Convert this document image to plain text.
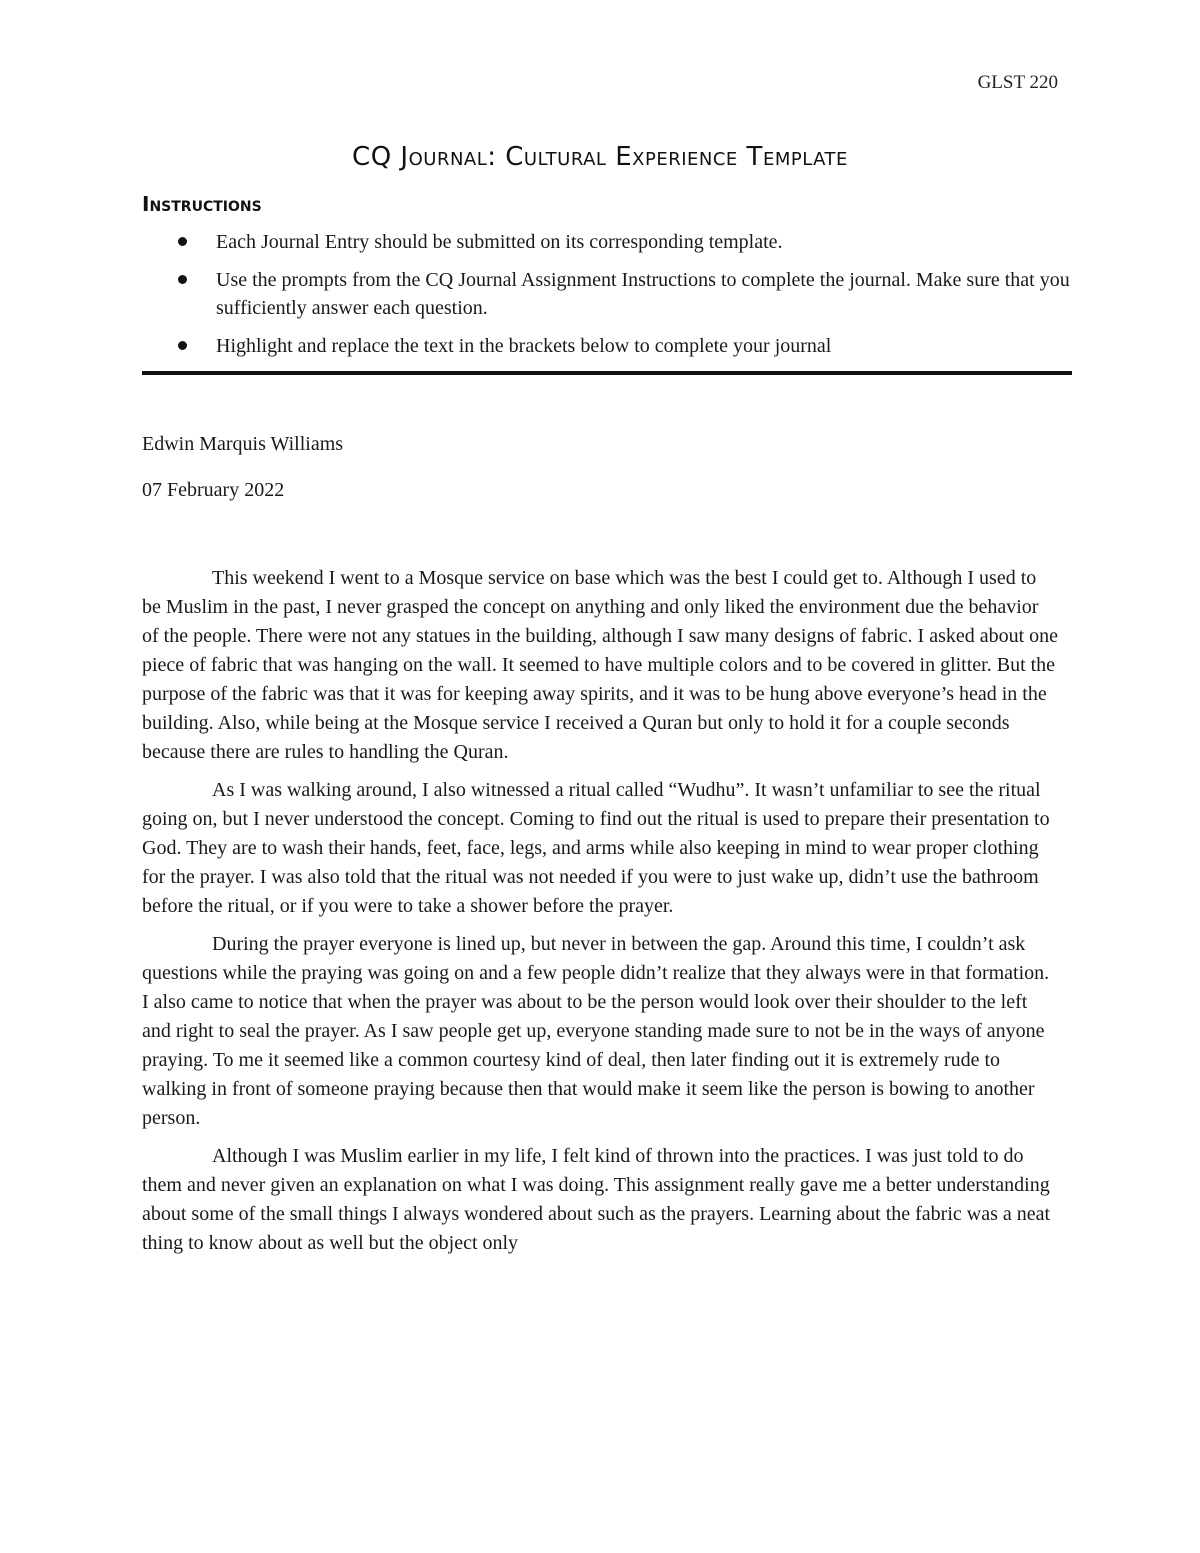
GLST 220
CQ Journal: Cultural Experience Template
Instructions
Each Journal Entry should be submitted on its corresponding template.
Use the prompts from the CQ Journal Assignment Instructions to complete the journal. Make sure that you sufficiently answer each question.
Highlight and replace the text in the brackets below to complete your journal
Edwin Marquis Williams
07 February 2022

This weekend I went to a Mosque service on base which was the best I could get to. Although I used to be Muslim in the past, I never grasped the concept on anything and only liked the environment due the behavior of the people. There were not any statues in the building, although I saw many designs of fabric. I asked about one piece of fabric that was hanging on the wall. It seemed to have multiple colors and to be covered in glitter. But the purpose of the fabric was that it was for keeping away spirits, and it was to be hung above everyone’s head in the building. Also, while being at the Mosque service I received a Quran but only to hold it for a couple seconds because there are rules to handling the Quran.

As I was walking around, I also witnessed a ritual called “Wudhu”. It wasn’t unfamiliar to see the ritual going on, but I never understood the concept. Coming to find out the ritual is used to prepare their presentation to God. They are to wash their hands, feet, face, legs, and arms while also keeping in mind to wear proper clothing for the prayer. I was also told that the ritual was not needed if you were to just wake up, didn’t use the bathroom before the ritual, or if you were to take a shower before the prayer.

During the prayer everyone is lined up, but never in between the gap. Around this time, I couldn’t ask questions while the praying was going on and a few people didn’t realize that they always were in that formation. I also came to notice that when the prayer was about to be the person would look over their shoulder to the left and right to seal the prayer. As I saw people get up, everyone standing made sure to not be in the ways of anyone praying. To me it seemed like a common courtesy kind of deal, then later finding out it is extremely rude to walking in front of someone praying because then that would make it seem like the person is bowing to another person.

Although I was Muslim earlier in my life, I felt kind of thrown into the practices. I was just told to do them and never given an explanation on what I was doing. This assignment really gave me a better understanding about some of the small things I always wondered about such as the prayers. Learning about the fabric was a neat thing to know about as well but the object only
